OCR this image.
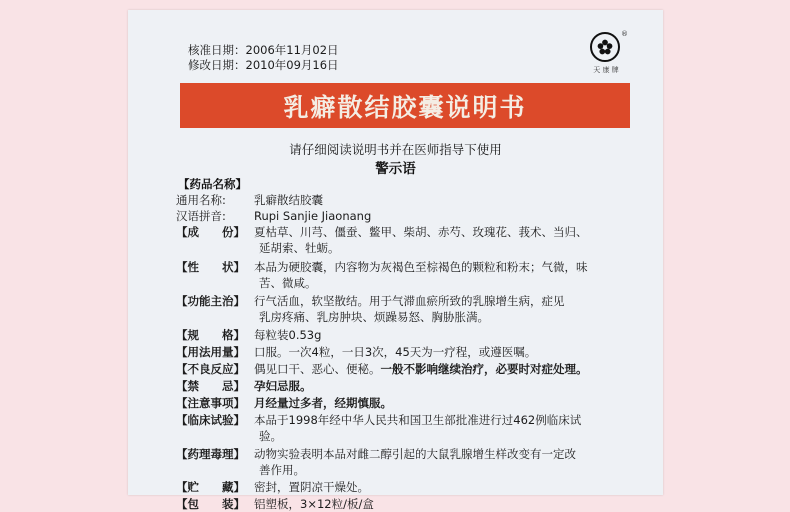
核准日期：2006年11月02日
修改日期：2010年09月16日
®
天 康 牌
乳癖散结胶囊说明书
请仔细阅读说明书并在医师指导下使用
警示语
【药品名称】
通用名称: 乳癖散结胶囊
汉语拼音: Rupi Sanjie Jiaonang
【成　　份】 夏枯草、川芎、僵蚕、鳖甲、柴胡、赤芍、玫瑰花、莪术、当归、
延胡索、牡蛎。
【性　　状】 本品为硬胶囊，内容物为灰褐色至棕褐色的颗粒和粉末；气微，味
苦、微咸。
【功能主治】 行气活血，软坚散结。用于气滞血瘀所致的乳腺增生病，症见
乳房疼痛、乳房肿块、烦躁易怒、胸胁胀满。
【规　　格】 每粒装0.53g
【用法用量】 口服。一次4粒，一日3次，45天为一疗程，或遵医嘱。
【不良反应】 偶见口干、恶心、便秘。一般不影响继续治疗，必要时对症处理。
【禁　　忌】 孕妇忌服。
【注意事项】 月经量过多者，经期慎服。
【临床试验】 本品于1998年经中华人民共和国卫生部批准进行过462例临床试
验。
【药理毒理】 动物实验表明本品对雌二醇引起的大鼠乳腺增生样改变有一定改
善作用。
【贮　　藏】 密封，置阴凉干燥处。
【包　　装】 铝塑板，3×12粒/板/盒
